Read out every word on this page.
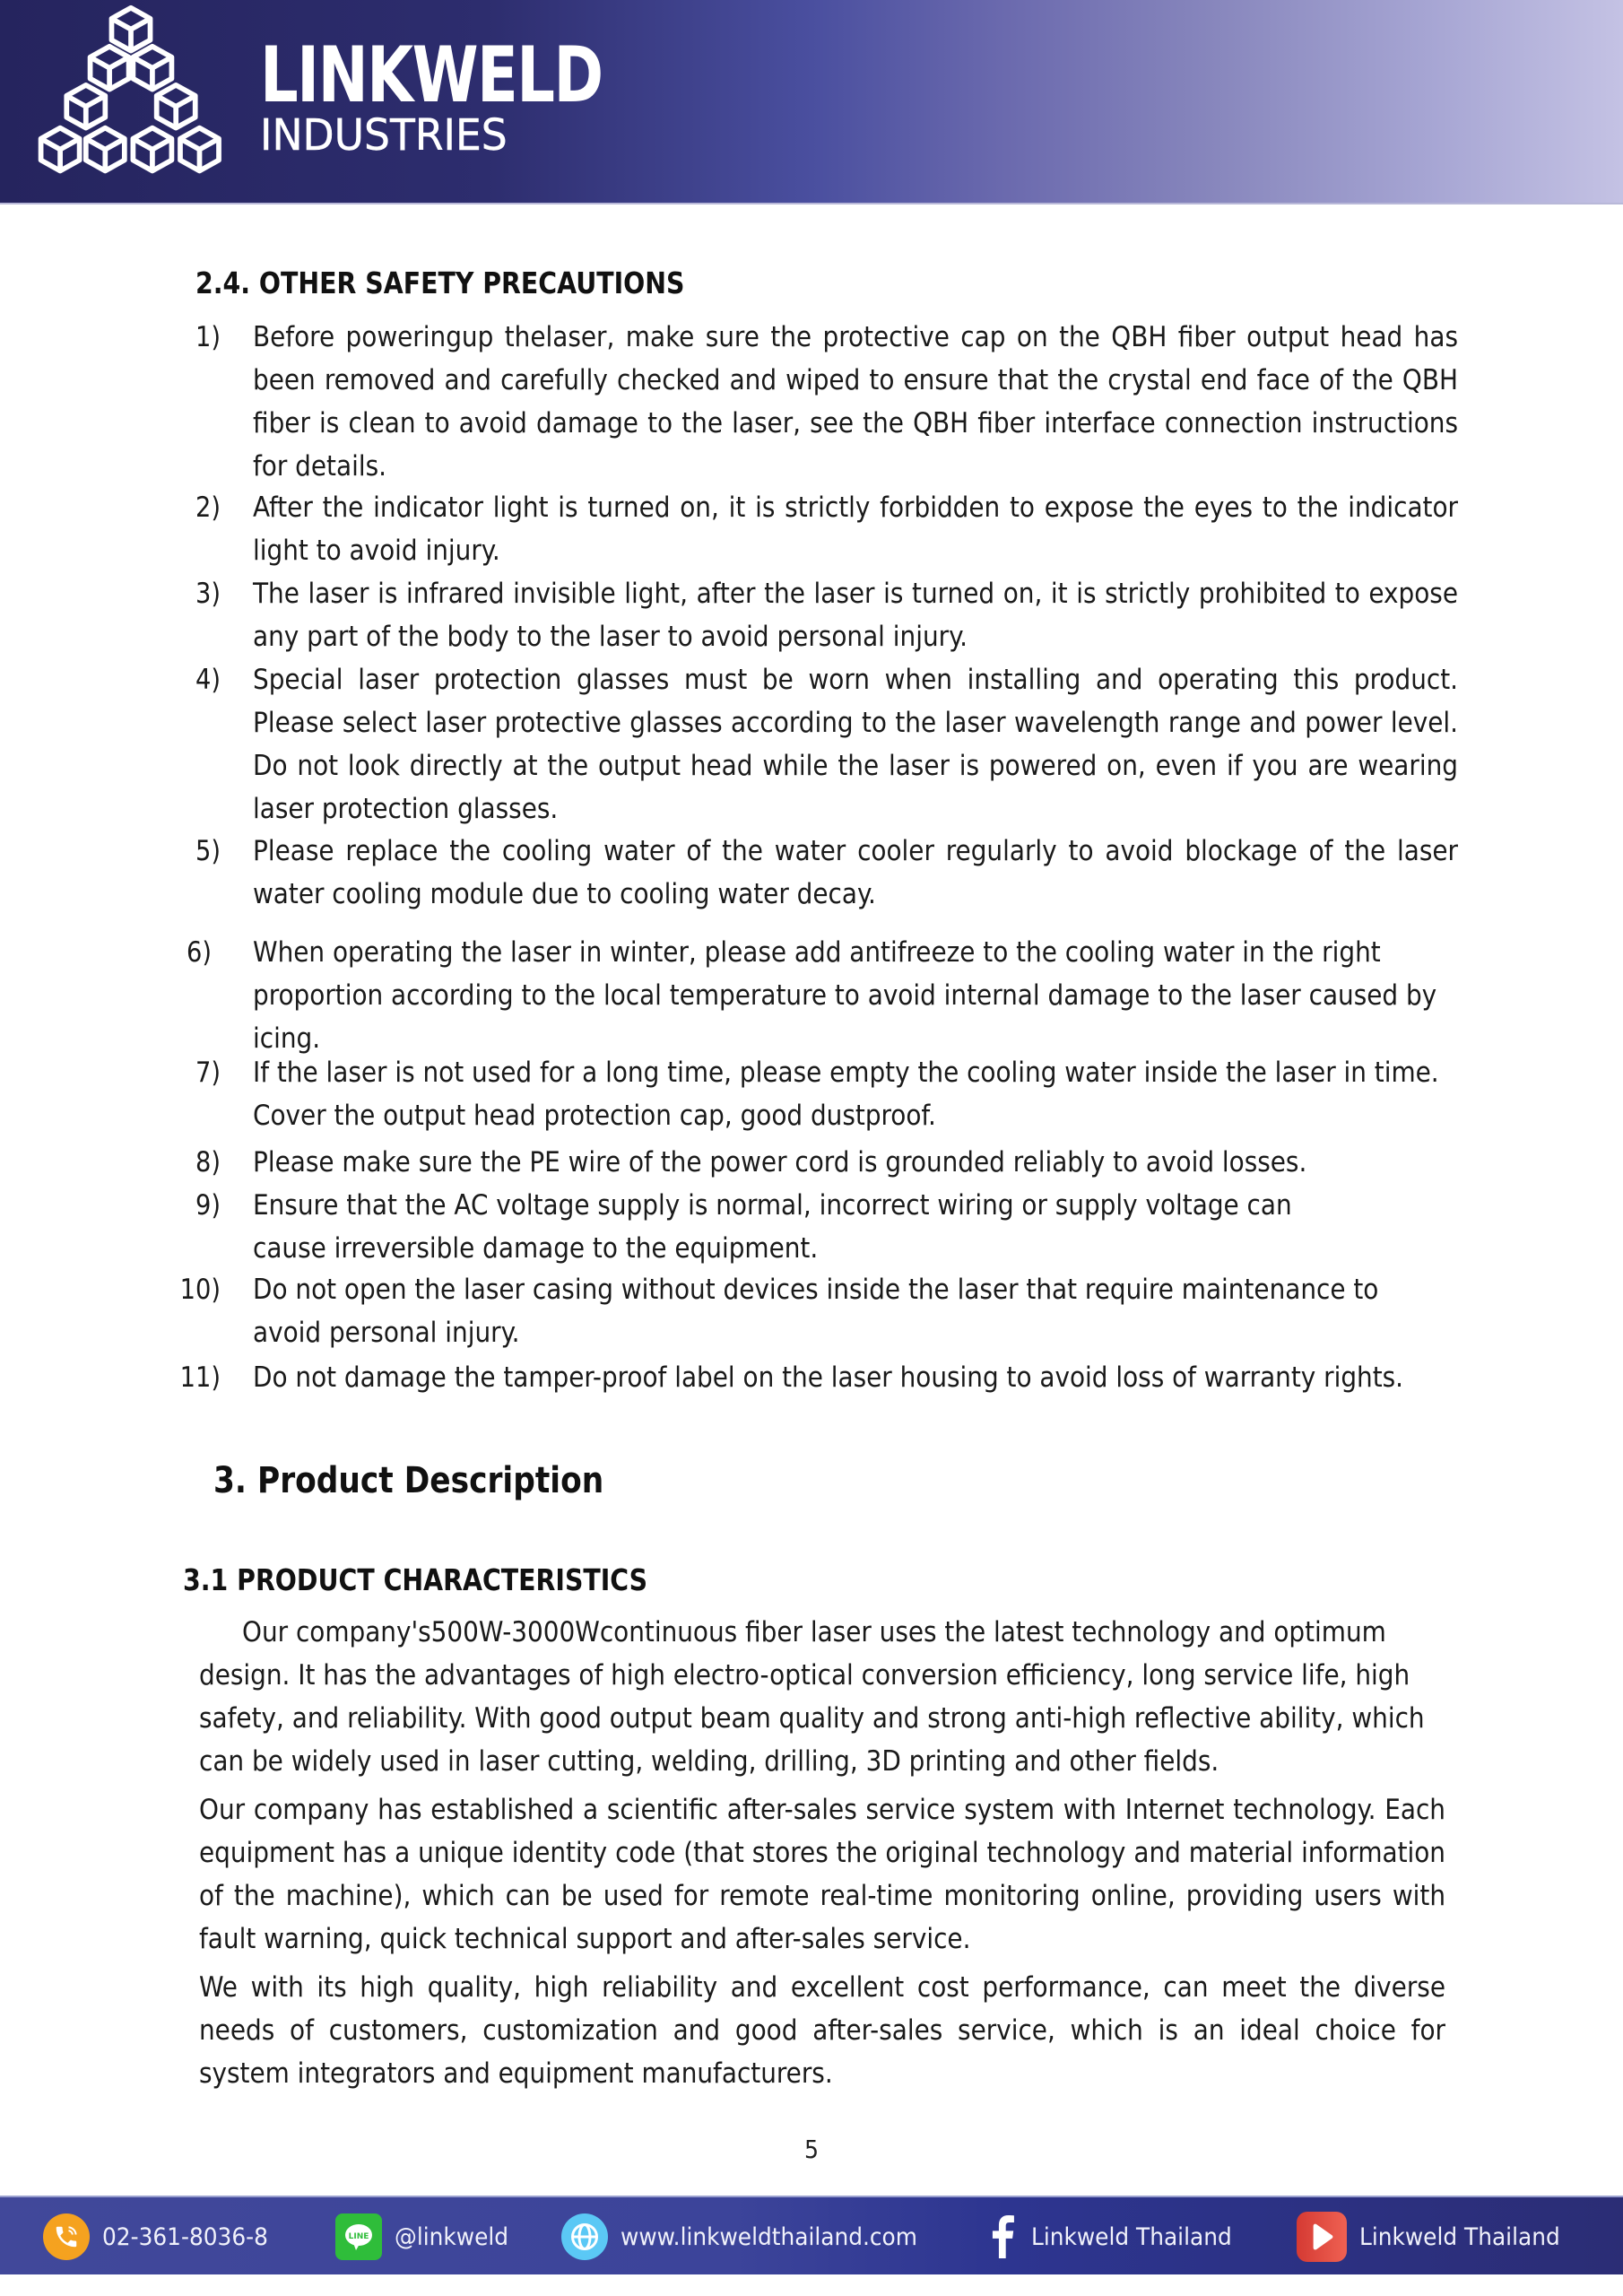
LINKWELD
INDUSTRIES
2.4. OTHER SAFETY PRECAUTIONS
1) Before poweringup thelaser, make sure the protective cap on the QBH fiber output head has been removed and carefully checked and wiped to ensure that the crystal end face of the QBH fiber is clean to avoid damage to the laser, see the QBH fiber interface connection instructions for details.
2) After the indicator light is turned on, it is strictly forbidden to expose the eyes to the indicator light to avoid injury.
3) The laser is infrared invisible light, after the laser is turned on, it is strictly prohibited to expose any part of the body to the laser to avoid personal injury.
4) Special laser protection glasses must be worn when installing and operating this product. Please select laser protective glasses according to the laser wavelength range and power level. Do not look directly at the output head while the laser is powered on, even if you are wearing laser protection glasses.
5) Please replace the cooling water of the water cooler regularly to avoid blockage of the laser water cooling module due to cooling water decay.
6) When operating the laser in winter, please add antifreeze to the cooling water in the right proportion according to the local temperature to avoid internal damage to the laser caused by icing.
7) If the laser is not used for a long time, please empty the cooling water inside the laser in time. Cover the output head protection cap, good dustproof.
8) Please make sure the PE wire of the power cord is grounded reliably to avoid losses.
9) Ensure that the AC voltage supply is normal, incorrect wiring or supply voltage can cause irreversible damage to the equipment.
10) Do not open the laser casing without devices inside the laser that require maintenance to avoid personal injury.
11) Do not damage the tamper-proof label on the laser housing to avoid loss of warranty rights.
3. Product Description
3.1 PRODUCT CHARACTERISTICS

Our company's500W-3000Wcontinuous fiber laser uses the latest technology and optimum design. It has the advantages of high electro-optical conversion efficiency, long service life, high safety, and reliability. With good output beam quality and strong anti-high reflective ability, which can be widely used in laser cutting, welding, drilling, 3D printing and other fields.

Our company has established a scientific after-sales service system with Internet technology. Each equipment has a unique identity code (that stores the original technology and material information of the machine), which can be used for remote real-time monitoring online, providing users with fault warning, quick technical support and after-sales service.

We with its high quality, high reliability and excellent cost performance, can meet the diverse needs of customers, customization and good after-sales service, which is an ideal choice for system integrators and equipment manufacturers.

5
02-361-8036-8	LINE @linkweld	www.linkweldthailand.com	Linkweld Thailand	Linkweld Thailand
